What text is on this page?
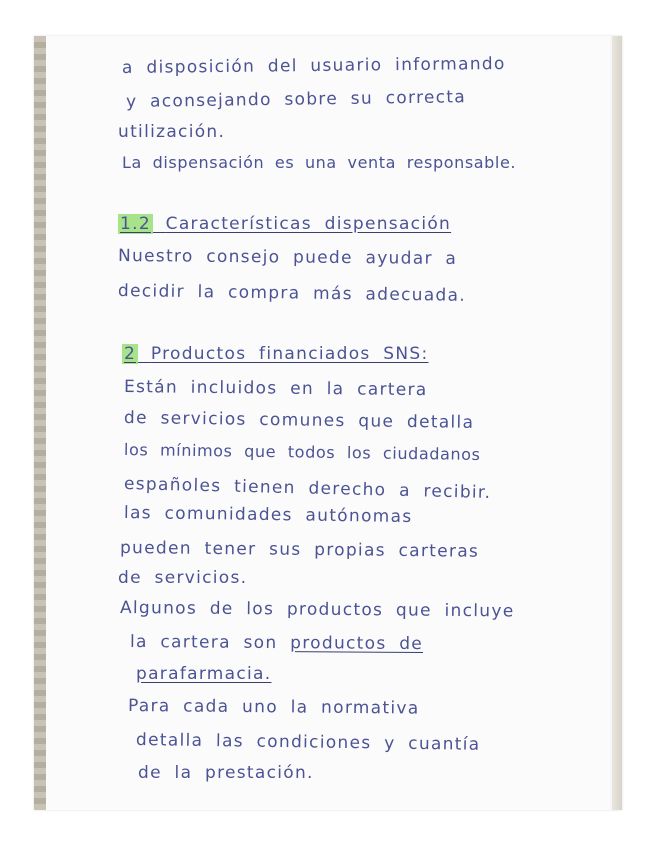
a disposición del usuario informando
y aconsejando sobre su correcta
utilización.
La dispensación es una venta responsable.
1.2 Características dispensación
Nuestro consejo puede ayudar a
decidir la compra más adecuada.
2 Productos financiados SNS:
Están incluidos en la cartera
de servicios comunes que detalla
los mínimos que todos los ciudadanos
españoles tienen derecho a recibir.
las comunidades autónomas
pueden tener sus propias carteras
de servicios.
Algunos de los productos que incluye
la cartera son productos de
parafarmacia.
Para cada uno la normativa
detalla las condiciones y cuantía
de la prestación.
